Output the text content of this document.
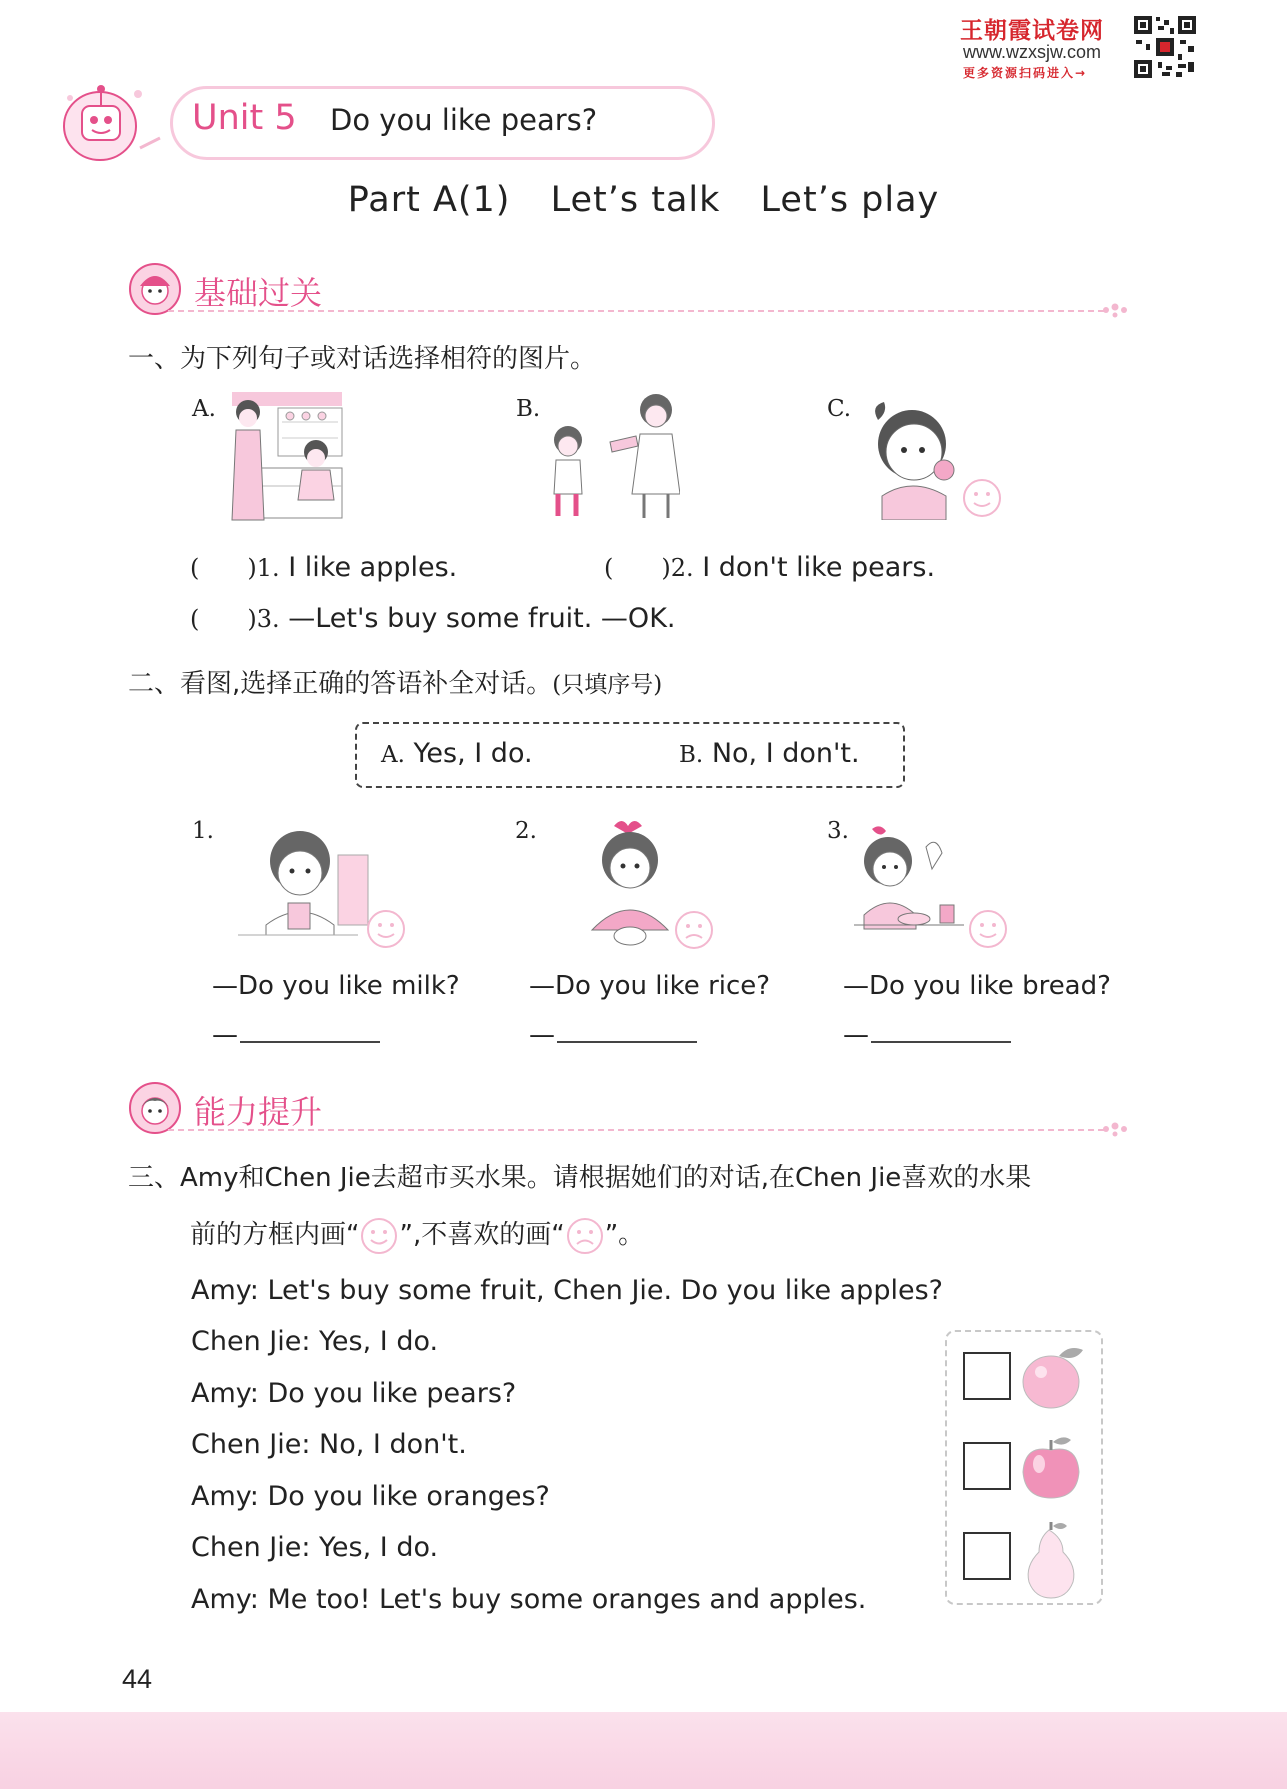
王朝霞试卷网
www.wzxsjw.com
更多资源扫码进入→
Unit 5 Do you like pears?
Part A(1) Let’s talk Let’s play
基础过关
一、为下列句子或对话选择相符的图片。
A.	B.	C.
(　　)1. I like apples.	(　　)2. I don't like pears.
(　　)3. —Let's buy some fruit. —OK.
二、看图,选择正确的答语补全对话。(只填序号)
A. Yes, I do.	B. No, I don't.
1.	2.	3.
—Do you like milk?	—Do you like rice?	—Do you like bread?
—	—	—
能力提升
三、Amy和Chen Jie去超市买水果。请根据她们的对话,在Chen Jie喜欢的水果
前的方框内画“ ”,不喜欢的画“ ”。
Amy: Let's buy some fruit, Chen Jie. Do you like apples?
Chen Jie: Yes, I do.
Amy: Do you like pears?
Chen Jie: No, I don't.
Amy: Do you like oranges?
Chen Jie: Yes, I do.
Amy: Me too! Let's buy some oranges and apples.
44
